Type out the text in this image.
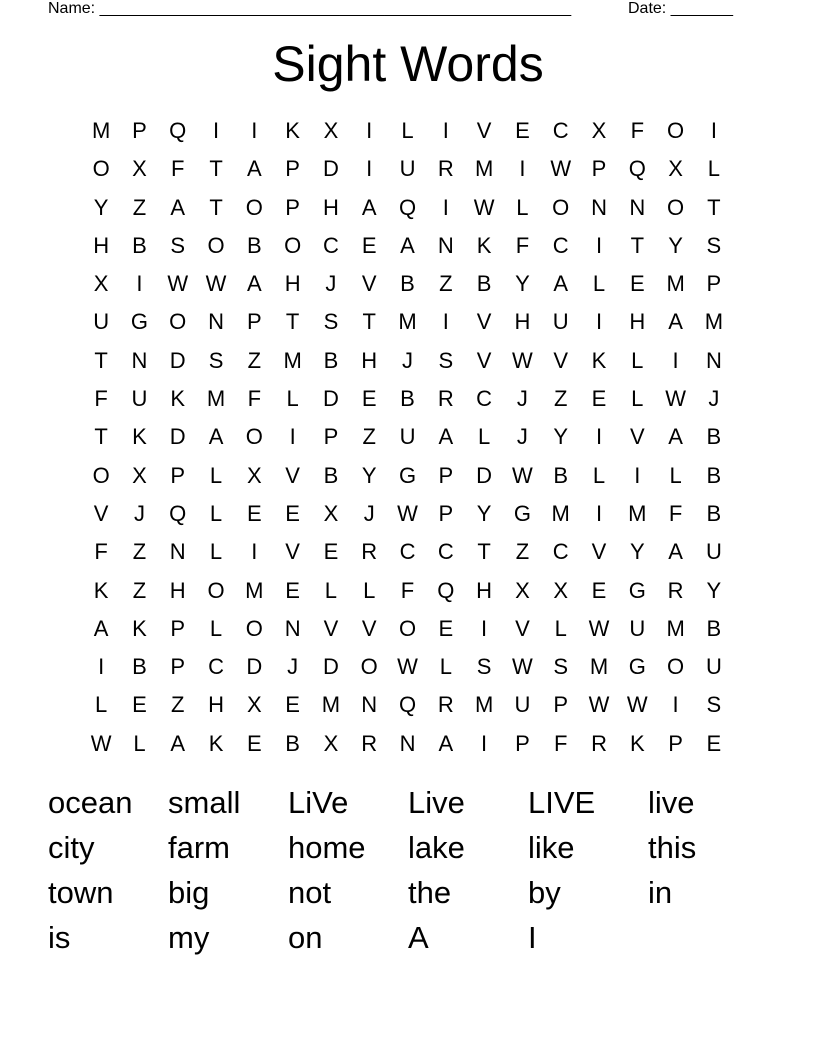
Name: _____________________________________________________	Date: _______
Sight Words
M P	Q	I	I	K	X	I	L	I	V	E	C	X	F	O	I
O	X	F	T	A	P	D	I	U	R M	I	W P	Q	X	L
Y	Z	A	T	O	P	H	A	Q	I	W L	O N	N O	T
H	B	S	O	B	O C	E	A	N	K	F	C	I	T	Y	S
X	I	W W A	H	J	V	B	Z	B	Y	A	L	E M P
U G O N	P	T	S	T	M	I	V	H	U	I	H	A M
T	N	D	S	Z	M B	H	J	S	V W V	K	L	I	N
F	U	K M	F	L	D	E	B	R	C	J	Z	E	L W	J
T	K	D	A	O	I	P	Z	U	A	L	J	Y	I	V	A	B
O	X	P	L	X	V	B	Y	G	P	D W B	L	I	L	B
V	J	Q	L	E	E	X	J	W P	Y	G M	I	M	F	B
F	Z	N	L	I	V	E	R	C	C	T	Z	C	V	Y	A	U
K	Z	H O M E	L	L	F	Q H	X	X	E	G R	Y
A	K	P	L	O N	V	V	O	E	I	V	L W U M B
I	B	P	C	D	J	D O W L	S W S M G O U
L	E	Z	H	X	E M N Q R M U	P W W	I	S
W L	A	K	E	B	X	R	N	A	I	P	F	R	K	P	E
ocean	small	LiVe	Live	LIVE	live
city	farm	home	lake	like	this
town	big	not	the	by	in
is	my	on	A	I
